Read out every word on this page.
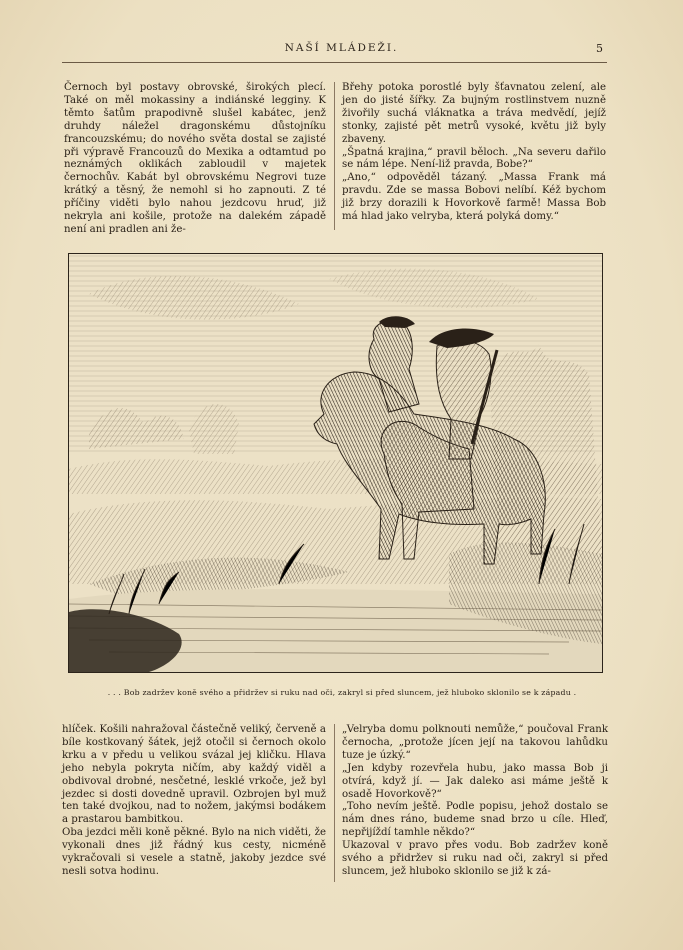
NAŠÍ MLÁDEŽI.	5

Černoch byl postavy obrovské, širokých plecí. Také on měl mokassiny a indiánské legginy. K těmto šatům prapodivně slušel kabátec, jenž druhdy náležel dragonskému důstojníku francouzskému; do nového světa dostal se zajisté při výpravě Francouzů do Mexika a odtamtud po neznámých oklikách zabloudil v majetek černochův. Kabát byl obrovskému Negrovi tuze krátký a těsný, že nemohl si ho zapnouti. Z té příčiny viděti bylo nahou jezdcovu hruď, již nekryla ani košile, protože na dalekém západě není ani pradlen ani že-

Břehy potoka porostlé byly šťavnatou zelení, ale jen do jisté šířky. Za bujným rostlinstvem nuzně živořily suchá vláknatka a tráva medvědí, jejíž stonky, zajisté pět metrů vysoké, květu již byly zbaveny.
„Špatná krajina,“ pravil běloch. „Na severu dařilo se nám lépe. Není-liž pravda, Bobe?“
„Ano,“ odpověděl tázaný. „Massa Frank má pravdu. Zde se massa Bobovi nelíbí. Kéž bychom již brzy dorazili k Hovorkově farmě! Massa Bob má hlad jako velryba, která polyká domy.“

. . . Bob zadržev koně svého a přidržev si ruku nad oči, zakryl si před sluncem, jež hluboko sklonilo se k západu .

hlíček. Košili nahražoval částečně veliký, červeně a bíle kostkovaný šátek, jejž otočil si černoch okolo krku a v předu u velikou svázal jej kličku. Hlava jeho nebyla pokryta ničím, aby každý viděl a obdivoval drobné, nesčetné, lesklé vrkoče, jež byl jezdec si dosti dovedně upravil. Ozbrojen byl muž ten také dvojkou, nad to nožem, jakýmsi bodákem a prastarou bambitkou.
Oba jezdci měli koně pěkné. Bylo na nich viděti, že vykonali dnes již řádný kus cesty, nicméně vykračovali si vesele a statně, jakoby jezdce své nesli sotva hodinu.

„Velryba domu polknouti nemůže,“ poučoval Frank černocha, „protože jícen její na takovou lahůdku tuze je úzký.“
„Jen kdyby rozevřela hubu, jako massa Bob ji otvírá, když jí. — Jak daleko asi máme ještě k osadě Hovorkově?“
„Toho nevím ještě. Podle popisu, jehož dostalo se nám dnes ráno, budeme snad brzo u cíle. Hleď, nepřijíždí tamhle někdo?“
Ukazoval v pravo přes vodu. Bob zadržev koně svého a přidržev si ruku nad oči, zakryl si před sluncem, jež hluboko sklonilo se již k zá-
